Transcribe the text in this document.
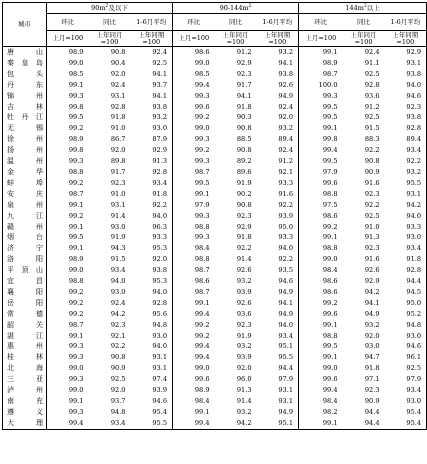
城市	$90m^2$及以下			$90-144m^2$			$144m^2$以上		
	环比	同比	1-6月平均	环比	同比	1-6月平均	环比	同比	1-6月平均
	上月=100	上年同月=100	上年同期=100	上月=100	上年同月=100	上年同期=100	上月=100	上年同月=100	上年同期=100
唐山	98.9	90.8	92.4	98.6	91.2	93.2	99.1	92.4	92.9
秦皇岛	99.0	90.4	92.5	99.0	92.9	94.1	98.9	91.1	93.1
包头	98.5	92.0	94.1	98.5	92.3	93.8	98.7	92.5	93.8
丹东	99.1	92.4	93.7	99.4	91.7	92.6	100.0	92.8	94.0
锦州	99.3	93.1	94.1	99.3	94.1	94.9	99.3	93.6	94.6
吉林	99.8	92.8	93.8	99.6	91.8	92.4	99.5	91.2	92.3
牡丹江	99.5	91.8	93.2	99.2	90.3	92.0	99.5	92.5	93.8
无锡	99.2	91.0	93.0	99.0	90.8	93.2	99.1	91.5	92.8
徐州	98.9	86.7	87.9	99.3	88.5	89.4	99.8	88.3	89.4
扬州	99.8	92.0	92.9	99.2	90.8	92.4	99.4	92.2	93.4
温州	99.3	89.8	91.3	99.3	89.2	91.2	99.5	90.8	92.2
金华	98.8	91.7	92.8	98.7	89.6	92.1	97.9	90.9	93.2
蚌埠	99.2	92.3	93.4	99.5	91.9	93.3	99.6	91.6	95.5
安庆	98.7	91.0	91.8	99.1	90.2	91.6	98.8	92.3	93.1
泉州	99.1	93.1	92.2	97.9	90.8	92.2	97.5	92.2	94.2
九江	99.2	91.4	94.0	99.3	92.3	93.9	98.6	92.5	94.0
赣州	99.1	93.0	96.3	98.8	92.9	95.0	99.2	91.0	93.3
烟台	99.5	91.9	93.3	99.3	91.8	93.3	99.1	91.3	93.0
济宁	99.1	94.3	95.3	98.4	92.2	94.0	98.8	92.3	93.4
洛阳	98.9	91.5	92.0	98.8	91.4	92.2	99.0	91.6	91.8
平顶山	99.0	93.4	93.8	98.7	92.6	93.5	98.4	92.6	92.8
宜昌	98.8	94.0	95.3	98.6	93.2	94.6	98.6	92.9	94.4
襄阳	99.2	93.0	94.0	98.7	93.9	94.9	98.6	94.2	94.5
岳阳	99.2	92.4	92.8	99.1	92.6	94.1	99.2	94.1	95.0
常德	99.2	94.2	95.6	99.4	93.6	94.9	99.6	94.9	95.2
韶关	98.7	92.3	94.8	99.2	92.3	94.0	99.1	93.2	94.8
湛江	99.1	92.1	93.0	99.2	91.9	93.4	98.8	92.0	93.0
惠州	99.3	92.2	94.0	99.4	93.2	95.1	99.5	93.0	94.6
桂林	99.3	90.8	93.1	99.4	93.9	95.5	99.1	94.7	96.1
北海	99.0	90.9	93.1	99.0	92.0	94.4	99.0	91.8	92.5
三亚	99.3	92.5	97.4	99.6	96.0	97.9	99.6	97.1	97.9
泸州	99.0	92.0	93.9	98.9	91.3	93.1	99.4	92.3	93.4
南充	99.1	93.7	94.6	98.4	91.4	93.1	98.4	90.9	93.0
遵义	99.3	94.8	95.4	99.1	93.2	94.9	98.2	94.4	95.4
大理	99.4	93.4	95.5	99.4	94.2	95.1	99.1	94.4	95.4
